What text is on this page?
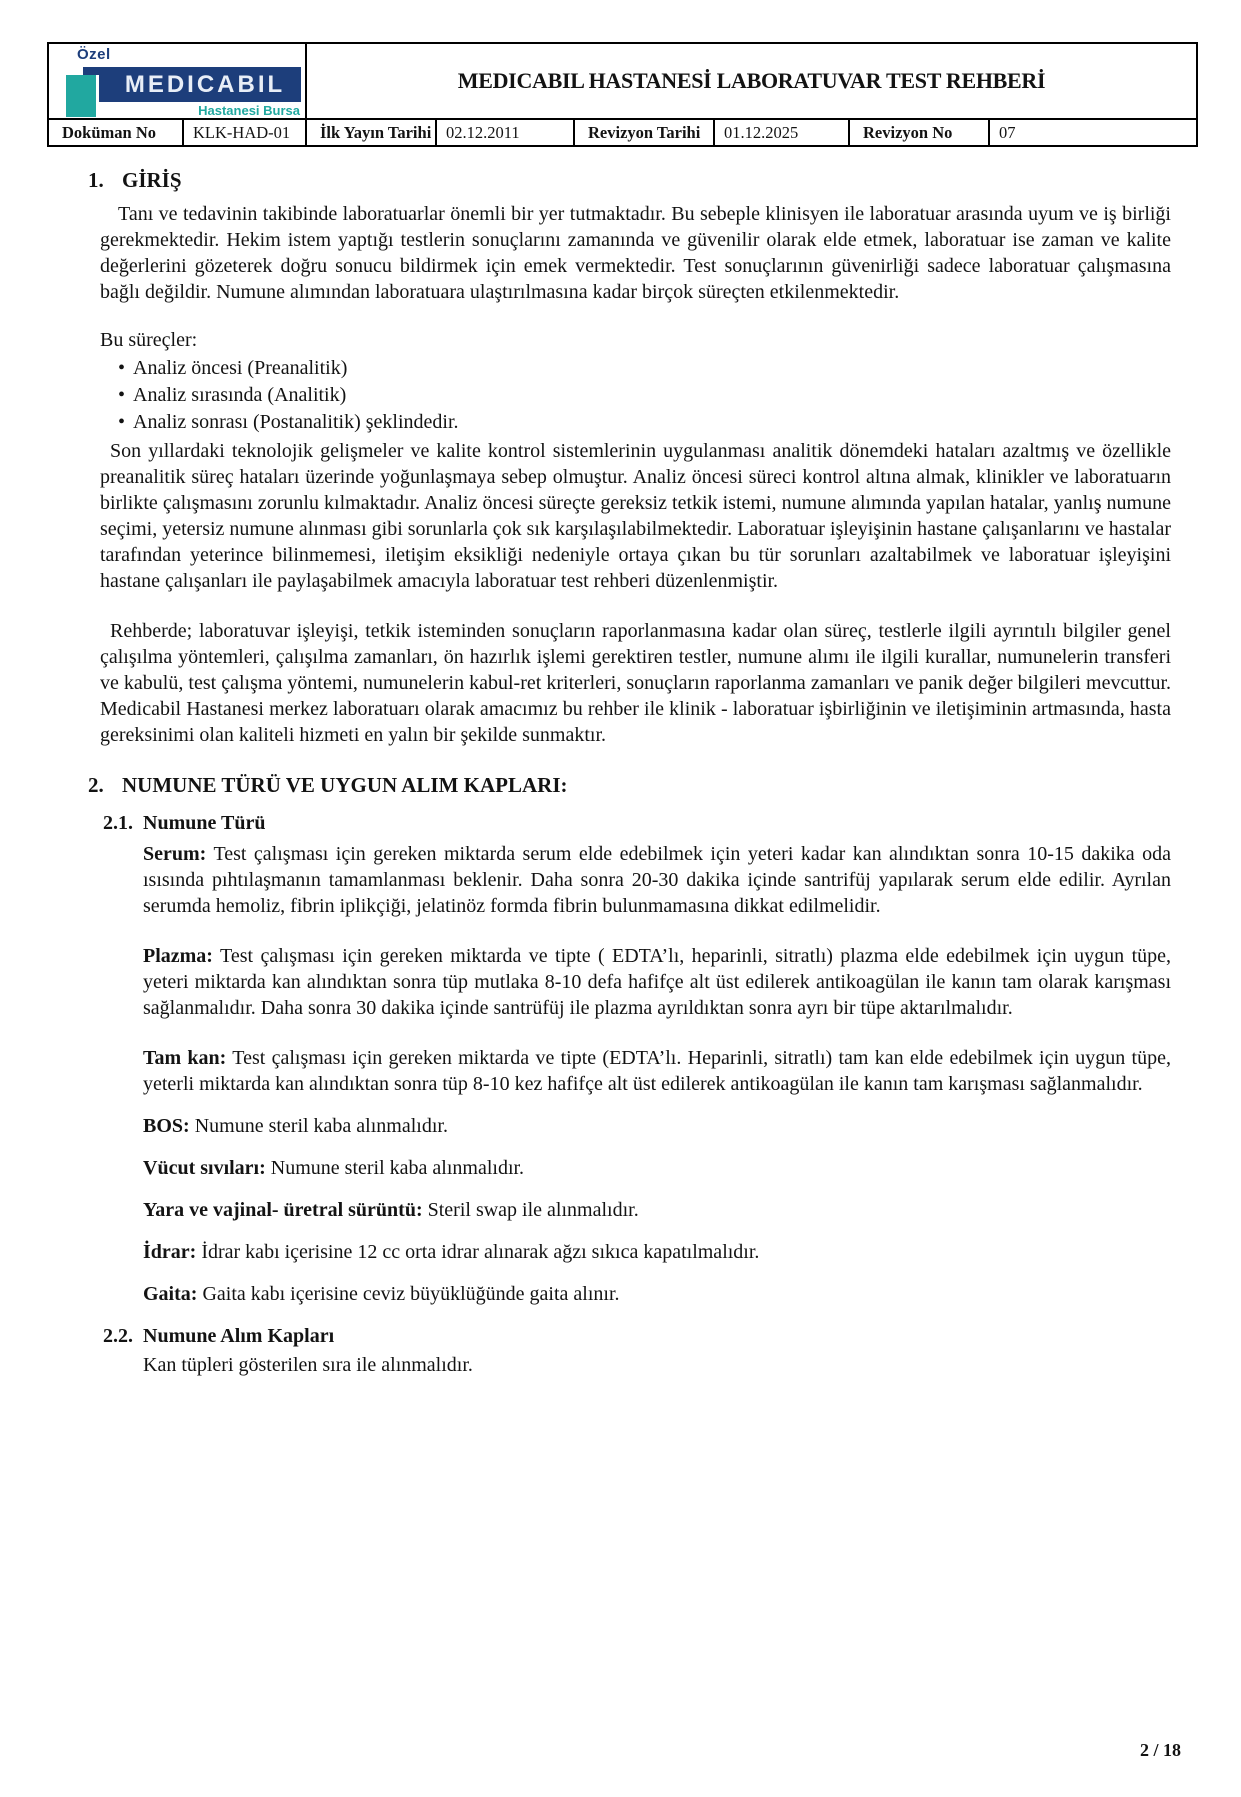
Özel
MEDICABIL
Hastanesi Bursa		MEDICABIL HASTANESİ LABORATUVAR TEST REHBERİ					
Doküman No	KLK-HAD-01	İlk Yayın Tarihi	02.12.2011	Revizyon Tarihi	01.12.2025	Revizyon No	07
1. GİRİŞ

Tanı ve tedavinin takibinde laboratuarlar önemli bir yer tutmaktadır. Bu sebeple klinisyen ile laboratuar arasında uyum ve iş birliği gerekmektedir. Hekim istem yaptığı testlerin sonuçlarını zamanında ve güvenilir olarak elde etmek, laboratuar ise zaman ve kalite değerlerini gözeterek doğru sonucu bildirmek için emek vermektedir. Test sonuçlarının güvenirliği sadece laboratuar çalışmasına bağlı değildir. Numune alımından laboratuara ulaştırılmasına kadar birçok süreçten etkilenmektedir.

Bu süreçler:

• Analiz öncesi (Preanalitik)
• Analiz sırasında (Analitik)
• Analiz sonrası (Postanalitik) şeklindedir.

Son yıllardaki teknolojik gelişmeler ve kalite kontrol sistemlerinin uygulanması analitik dönemdeki hataları azaltmış ve özellikle preanalitik süreç hataları üzerinde yoğunlaşmaya sebep olmuştur. Analiz öncesi süreci kontrol altına almak, klinikler ve laboratuarın birlikte çalışmasını zorunlu kılmaktadır. Analiz öncesi süreçte gereksiz tetkik istemi, numune alımında yapılan hatalar, yanlış numune seçimi, yetersiz numune alınması gibi sorunlarla çok sık karşılaşılabilmektedir. Laboratuar işleyişinin hastane çalışanlarını ve hastalar tarafından yeterince bilinmemesi, iletişim eksikliği nedeniyle ortaya çıkan bu tür sorunları azaltabilmek ve laboratuar işleyişini hastane çalışanları ile paylaşabilmek amacıyla laboratuar test rehberi düzenlenmiştir.

Rehberde; laboratuvar işleyişi, tetkik isteminden sonuçların raporlanmasına kadar olan süreç, testlerle ilgili ayrıntılı bilgiler genel çalışılma yöntemleri, çalışılma zamanları, ön hazırlık işlemi gerektiren testler, numune alımı ile ilgili kurallar, numunelerin transferi ve kabulü, test çalışma yöntemi, numunelerin kabul-ret kriterleri, sonuçların raporlanma zamanları ve panik değer bilgileri mevcuttur. Medicabil Hastanesi merkez laboratuarı olarak amacımız bu rehber ile klinik - laboratuar işbirliğinin ve iletişiminin artmasında, hasta gereksinimi olan kaliteli hizmeti en yalın bir şekilde sunmaktır.

2. NUMUNE TÜRÜ VE UYGUN ALIM KAPLARI:
2.1. Numune Türü

Serum: Test çalışması için gereken miktarda serum elde edebilmek için yeteri kadar kan alındıktan sonra 10-15 dakika oda ısısında pıhtılaşmanın tamamlanması beklenir. Daha sonra 20-30 dakika içinde santrifüj yapılarak serum elde edilir. Ayrılan serumda hemoliz, fibrin iplikçiği, jelatinöz formda fibrin bulunmamasına dikkat edilmelidir.

Plazma: Test çalışması için gereken miktarda ve tipte ( EDTA’lı, heparinli, sitratlı) plazma elde edebilmek için uygun tüpe, yeteri miktarda kan alındıktan sonra tüp mutlaka 8-10 defa hafifçe alt üst edilerek antikoagülan ile kanın tam olarak karışması sağlanmalıdır. Daha sonra 30 dakika içinde santrüfüj ile plazma ayrıldıktan sonra ayrı bir tüpe aktarılmalıdır.

Tam kan: Test çalışması için gereken miktarda ve tipte (EDTA’lı. Heparinli, sitratlı) tam kan elde edebilmek için uygun tüpe, yeterli miktarda kan alındıktan sonra tüp 8-10 kez hafifçe alt üst edilerek antikoagülan ile kanın tam karışması sağlanmalıdır.

BOS: Numune steril kaba alınmalıdır.

Vücut sıvıları: Numune steril kaba alınmalıdır.

Yara ve vajinal- üretral sürüntü: Steril swap ile alınmalıdır.

İdrar: İdrar kabı içerisine 12 cc orta idrar alınarak ağzı sıkıca kapatılmalıdır.

Gaita: Gaita kabı içerisine ceviz büyüklüğünde gaita alınır.

2.2. Numune Alım Kapları

Kan tüpleri gösterilen sıra ile alınmalıdır.

2 / 18
